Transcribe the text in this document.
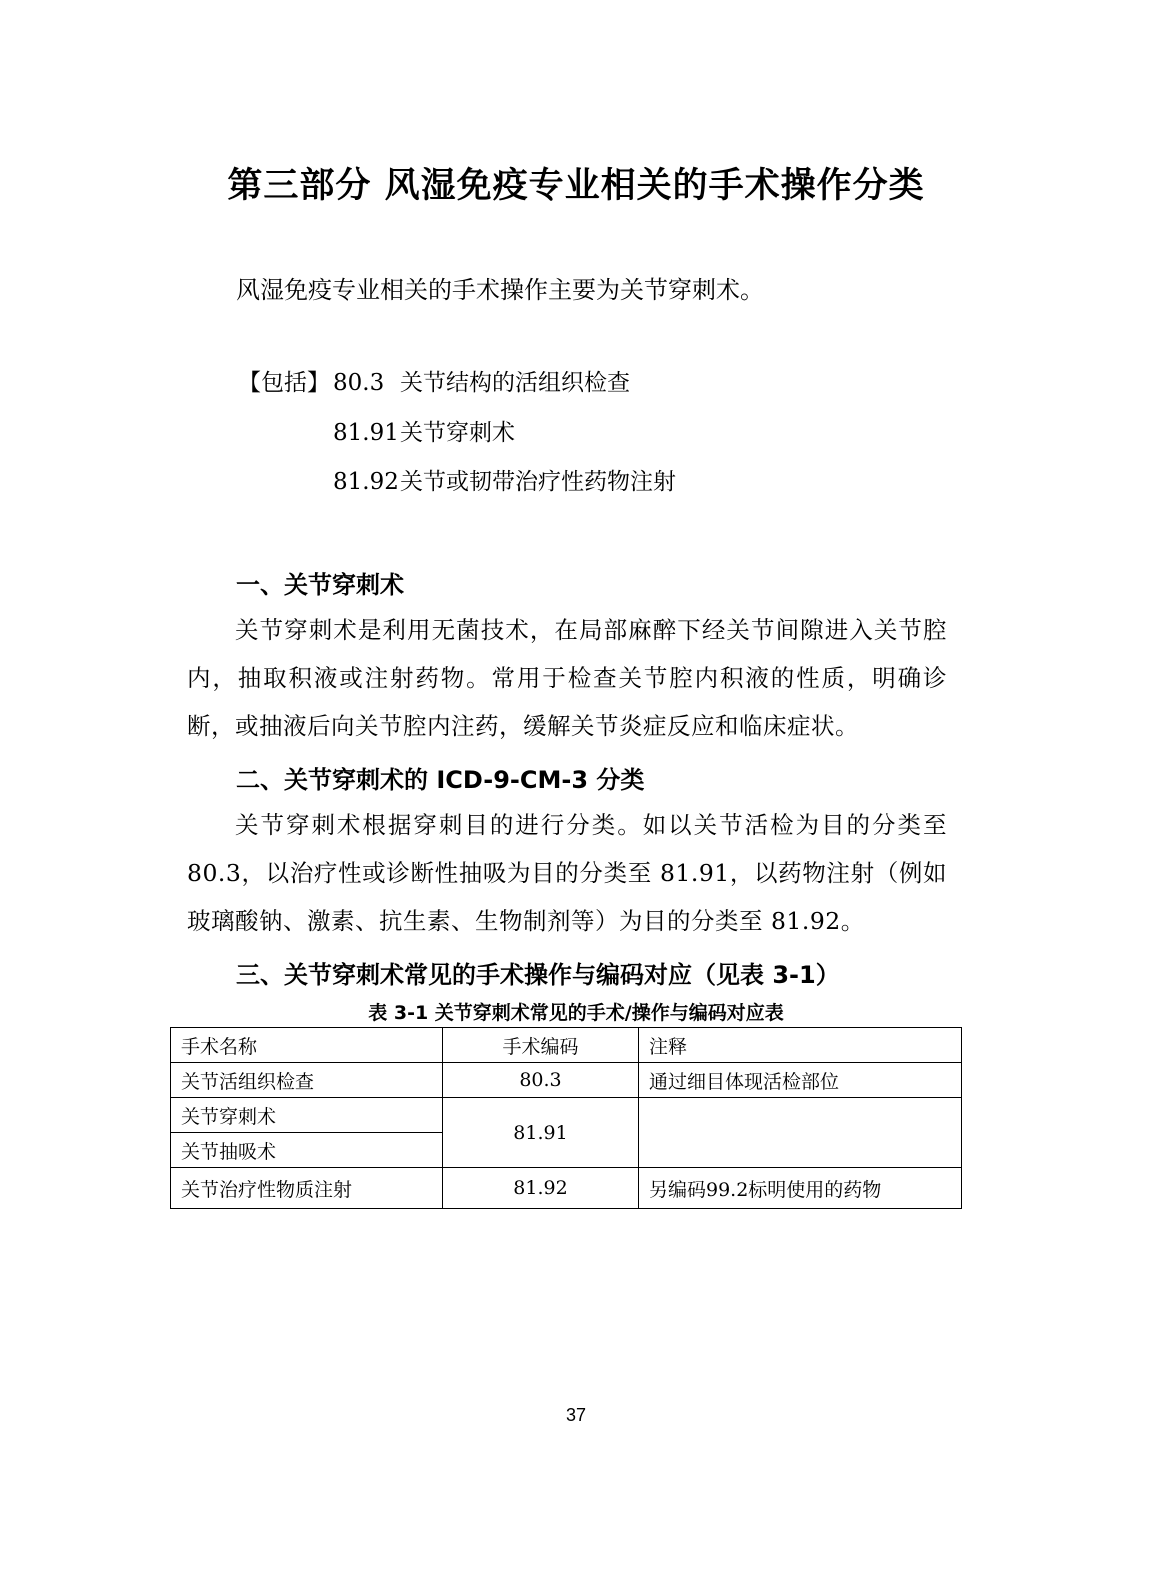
第三部分 风湿免疫专业相关的手术操作分类

风湿免疫专业相关的手术操作主要为关节穿刺术。

【包括】 80.3 关节结构的活组织检查
81.91 关节穿刺术
81.92 关节或韧带治疗性药物注射
一、关节穿刺术

关节穿刺术是利用无菌技术，在局部麻醉下经关节间隙进入关节腔内，抽取积液或注射药物。常用于检查关节腔内积液的性质，明确诊断，或抽液后向关节腔内注药，缓解关节炎症反应和临床症状。

二、关节穿刺术的 ICD-9-CM-3 分类

关节穿刺术根据穿刺目的进行分类。如以关节活检为目的分类至 80.3，以治疗性或诊断性抽吸为目的分类至 81.91，以药物注射（例如玻璃酸钠、激素、抗生素、生物制剂等）为目的分类至 81.92。

三、关节穿刺术常见的手术操作与编码对应（见表 3-1）
表 3-1 关节穿刺术常见的手术/操作与编码对应表
手术名称	手术编码	注释
关节活组织检查	80.3	通过细目体现活检部位
关节穿刺术	81.91	
关节抽吸术		
关节治疗性物质注射	81.92	另编码99.2标明使用的药物
37
